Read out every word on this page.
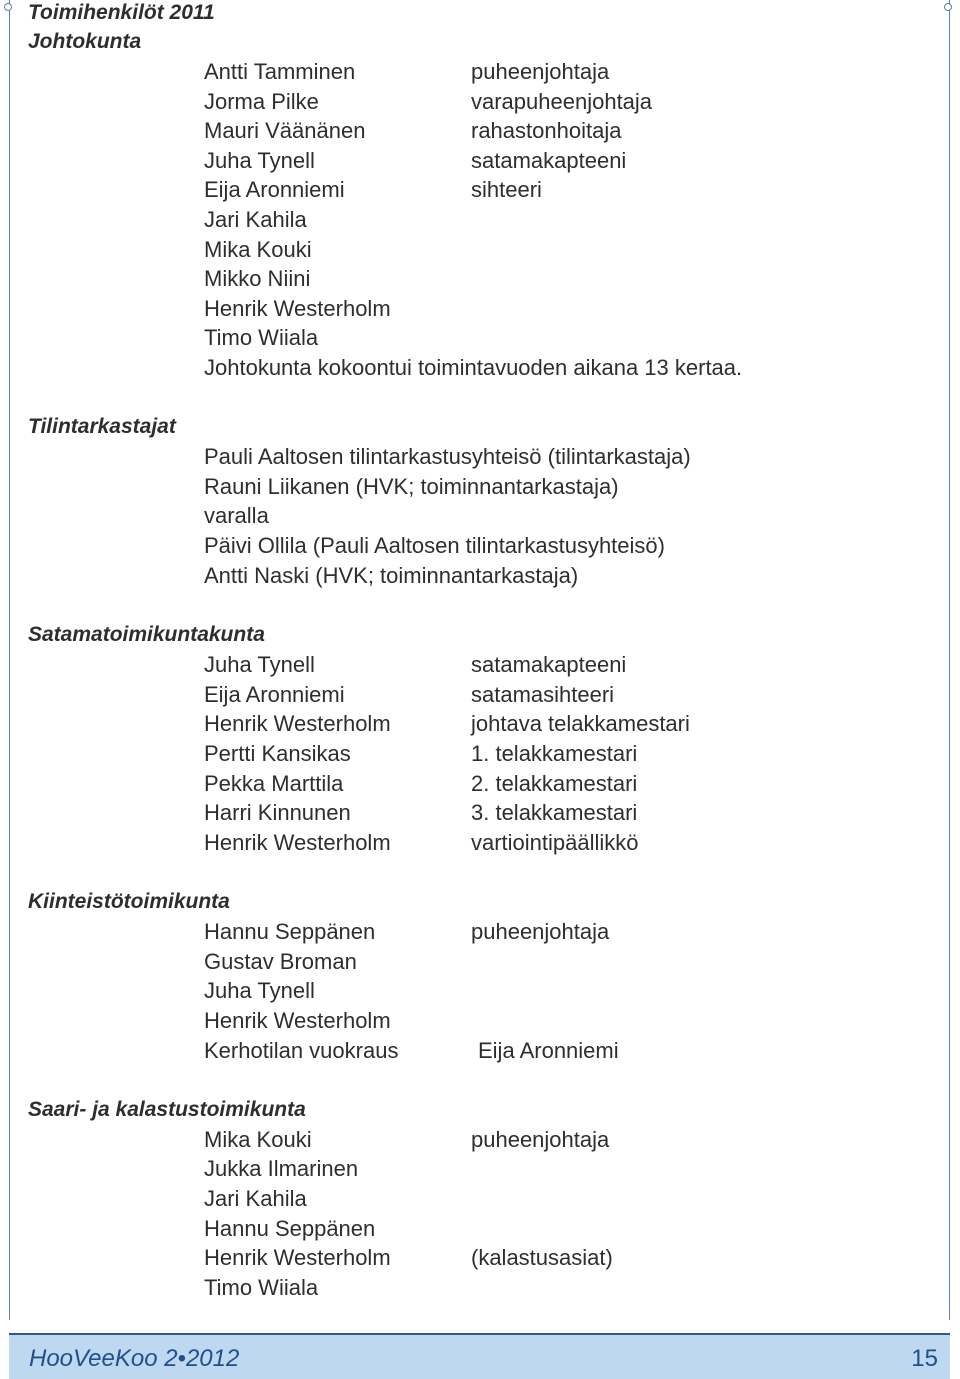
Toimihenkilöt 2011
Johtokunta
Antti Tamminen	puheenjohtaja
Jorma Pilke	varapuheenjohtaja
Mauri Väänänen	rahastonhoitaja
Juha Tynell	satamakapteeni
Eija Aronniemi	sihteeri
Jari Kahila
Mika Kouki
Mikko Niini
Henrik Westerholm
Timo Wiiala
Johtokunta kokoontui toimintavuoden aikana 13 kertaa.
Tilintarkastajat
Pauli Aaltosen tilintarkastusyhteisö (tilintarkastaja)
Rauni Liikanen (HVK; toiminnantarkastaja)
varalla
Päivi Ollila (Pauli Aaltosen tilintarkastusyhteisö)
Antti Naski (HVK; toiminnantarkastaja)
Satamatoimikuntakunta
Juha Tynell	satamakapteeni
Eija Aronniemi	satamasihteeri
Henrik Westerholm	johtava telakkamestari
Pertti Kansikas	1. telakkamestari
Pekka Marttila	2. telakkamestari
Harri Kinnunen	3. telakkamestari
Henrik Westerholm	vartiointipäällikkö
Kiinteistötoimikunta
Hannu Seppänen	puheenjohtaja
Gustav Broman
Juha Tynell
Henrik Westerholm
Kerhotilan vuokraus	Eija Aronniemi
Saari- ja kalastustoimikunta
Mika Kouki	puheenjohtaja
Jukka Ilmarinen
Jari Kahila
Hannu Seppänen
Henrik Westerholm	(kalastusasiat)
Timo Wiiala
HooVeeKoo 2•2012	15
